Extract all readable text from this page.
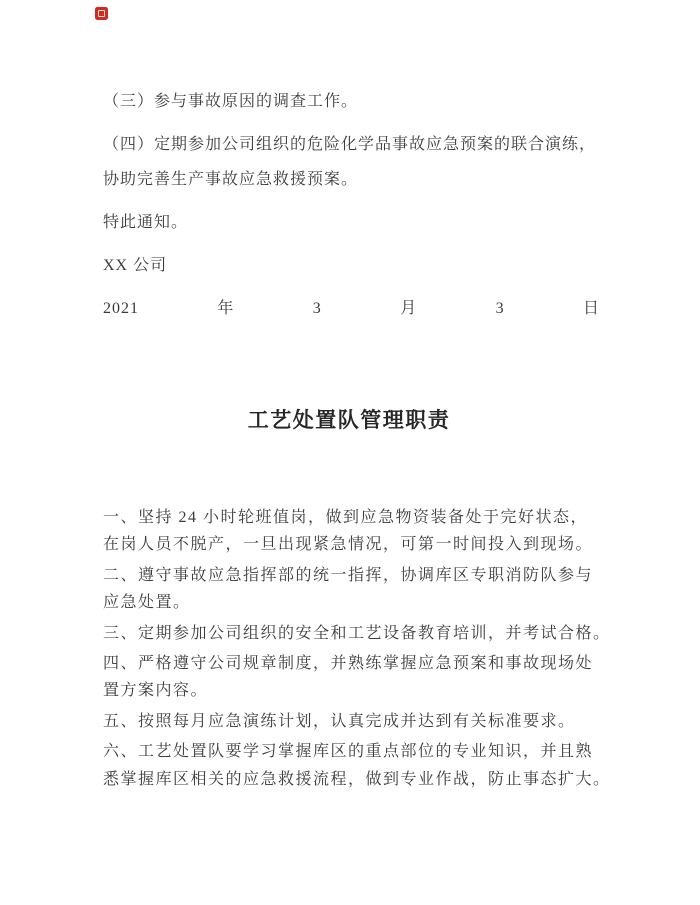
（三）参与事故原因的调查工作。
（四）定期参加公司组织的危险化学品事故应急预案的联合演练，
协助完善生产事故应急救援预案。
特此通知。
XX 公司
2021	年	3	月	3	日
工艺处置队管理职责
一、坚持 24 小时轮班值岗，做到应急物资装备处于完好状态，
在岗人员不脱产，一旦出现紧急情况，可第一时间投入到现场。
二、遵守事故应急指挥部的统一指挥，协调库区专职消防队参与
应急处置。
三、定期参加公司组织的安全和工艺设备教育培训，并考试合格。
四、严格遵守公司规章制度，并熟练掌握应急预案和事故现场处
置方案内容。
五、按照每月应急演练计划，认真完成并达到有关标准要求。
六、工艺处置队要学习掌握库区的重点部位的专业知识，并且熟
悉掌握库区相关的应急救援流程，做到专业作战，防止事态扩大。
